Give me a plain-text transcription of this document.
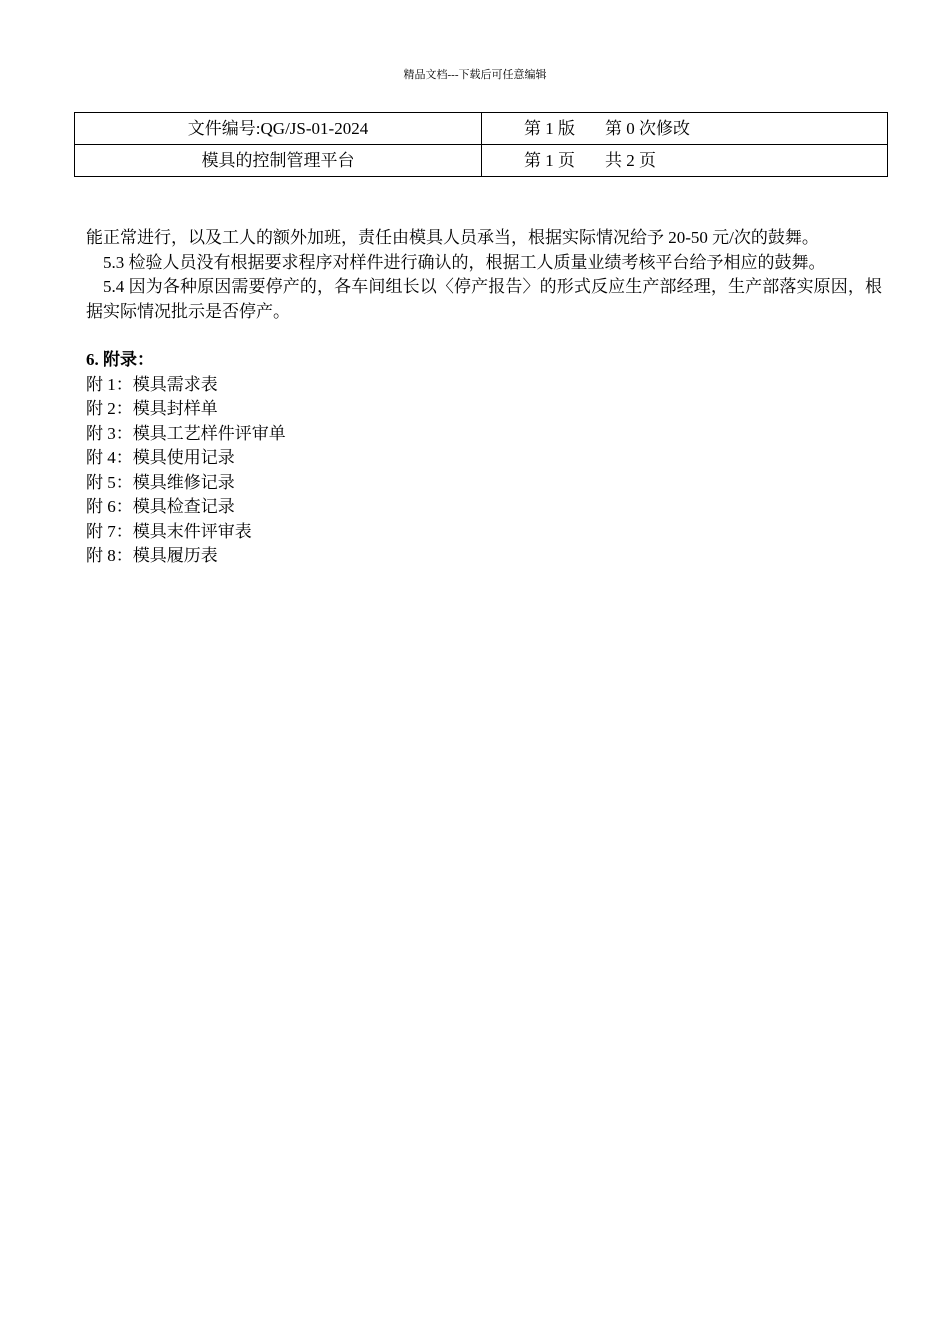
精品文档---下载后可任意编辑
文件编号:QG/JS-01-2024	第 1 版 第 0 次修改
模具的控制管理平台	第 1 页 共 2 页

能正常进行，以及工人的额外加班，责任由模具人员承当，根据实际情况给予 20-50 元/次的鼓舞。

5.3 检验人员没有根据要求程序对样件进行确认的，根据工人质量业绩考核平台给予相应的鼓舞。

5.4 因为各种原因需要停产的，各车间组长以〈停产报告〉的形式反应生产部经理，生产部落实原因，根据实际情况批示是否停产。

6. 附录：

附 1：模具需求表

附 2：模具封样单

附 3：模具工艺样件评审单

附 4：模具使用记录

附 5：模具维修记录

附 6：模具检查记录

附 7：模具末件评审表

附 8：模具履历表
